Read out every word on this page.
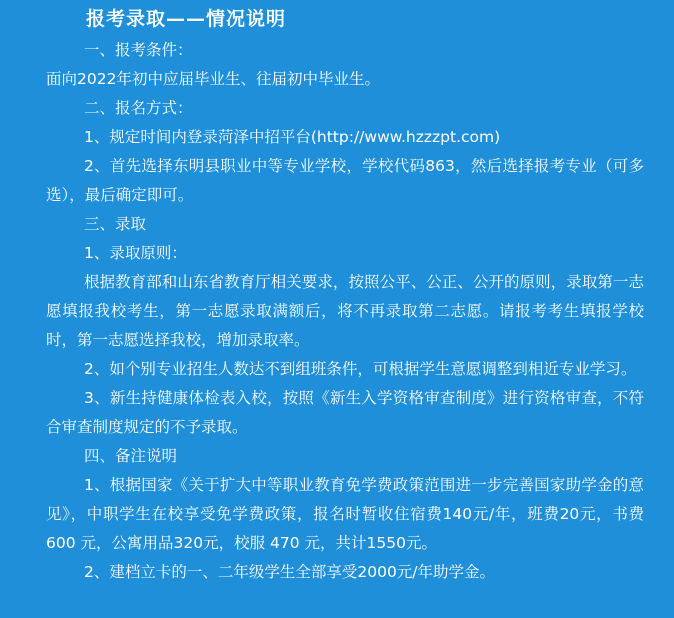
报考录取——情况说明

一、报考条件：

面向2022年初中应届毕业生、往届初中毕业生。

二、报名方式：

1、规定时间内登录菏泽中招平台(http://www.hzzzpt.com)

2、首先选择东明县职业中等专业学校，学校代码863，然后选择报考专业（可多选），最后确定即可。

三、录取

1、录取原则：

根据教育部和山东省教育厅相关要求，按照公平、公正、公开的原则，录取第一志愿填报我校考生，第一志愿录取满额后，将不再录取第二志愿。请报考考生填报学校时，第一志愿选择我校，增加录取率。

2、如个别专业招生人数达不到组班条件，可根据学生意愿调整到相近专业学习。

3、新生持健康体检表入校，按照《新生入学资格审查制度》进行资格审查，不符合审查制度规定的不予录取。

四、备注说明

1、根据国家《关于扩大中等职业教育免学费政策范围进一步完善国家助学金的意见》，中职学生在校享受免学费政策，报名时暂收住宿费140元/年，班费20元，书费 600 元，公寓用品320元，校服 470 元，共计1550元。

2、建档立卡的一、二年级学生全部享受2000元/年助学金。
